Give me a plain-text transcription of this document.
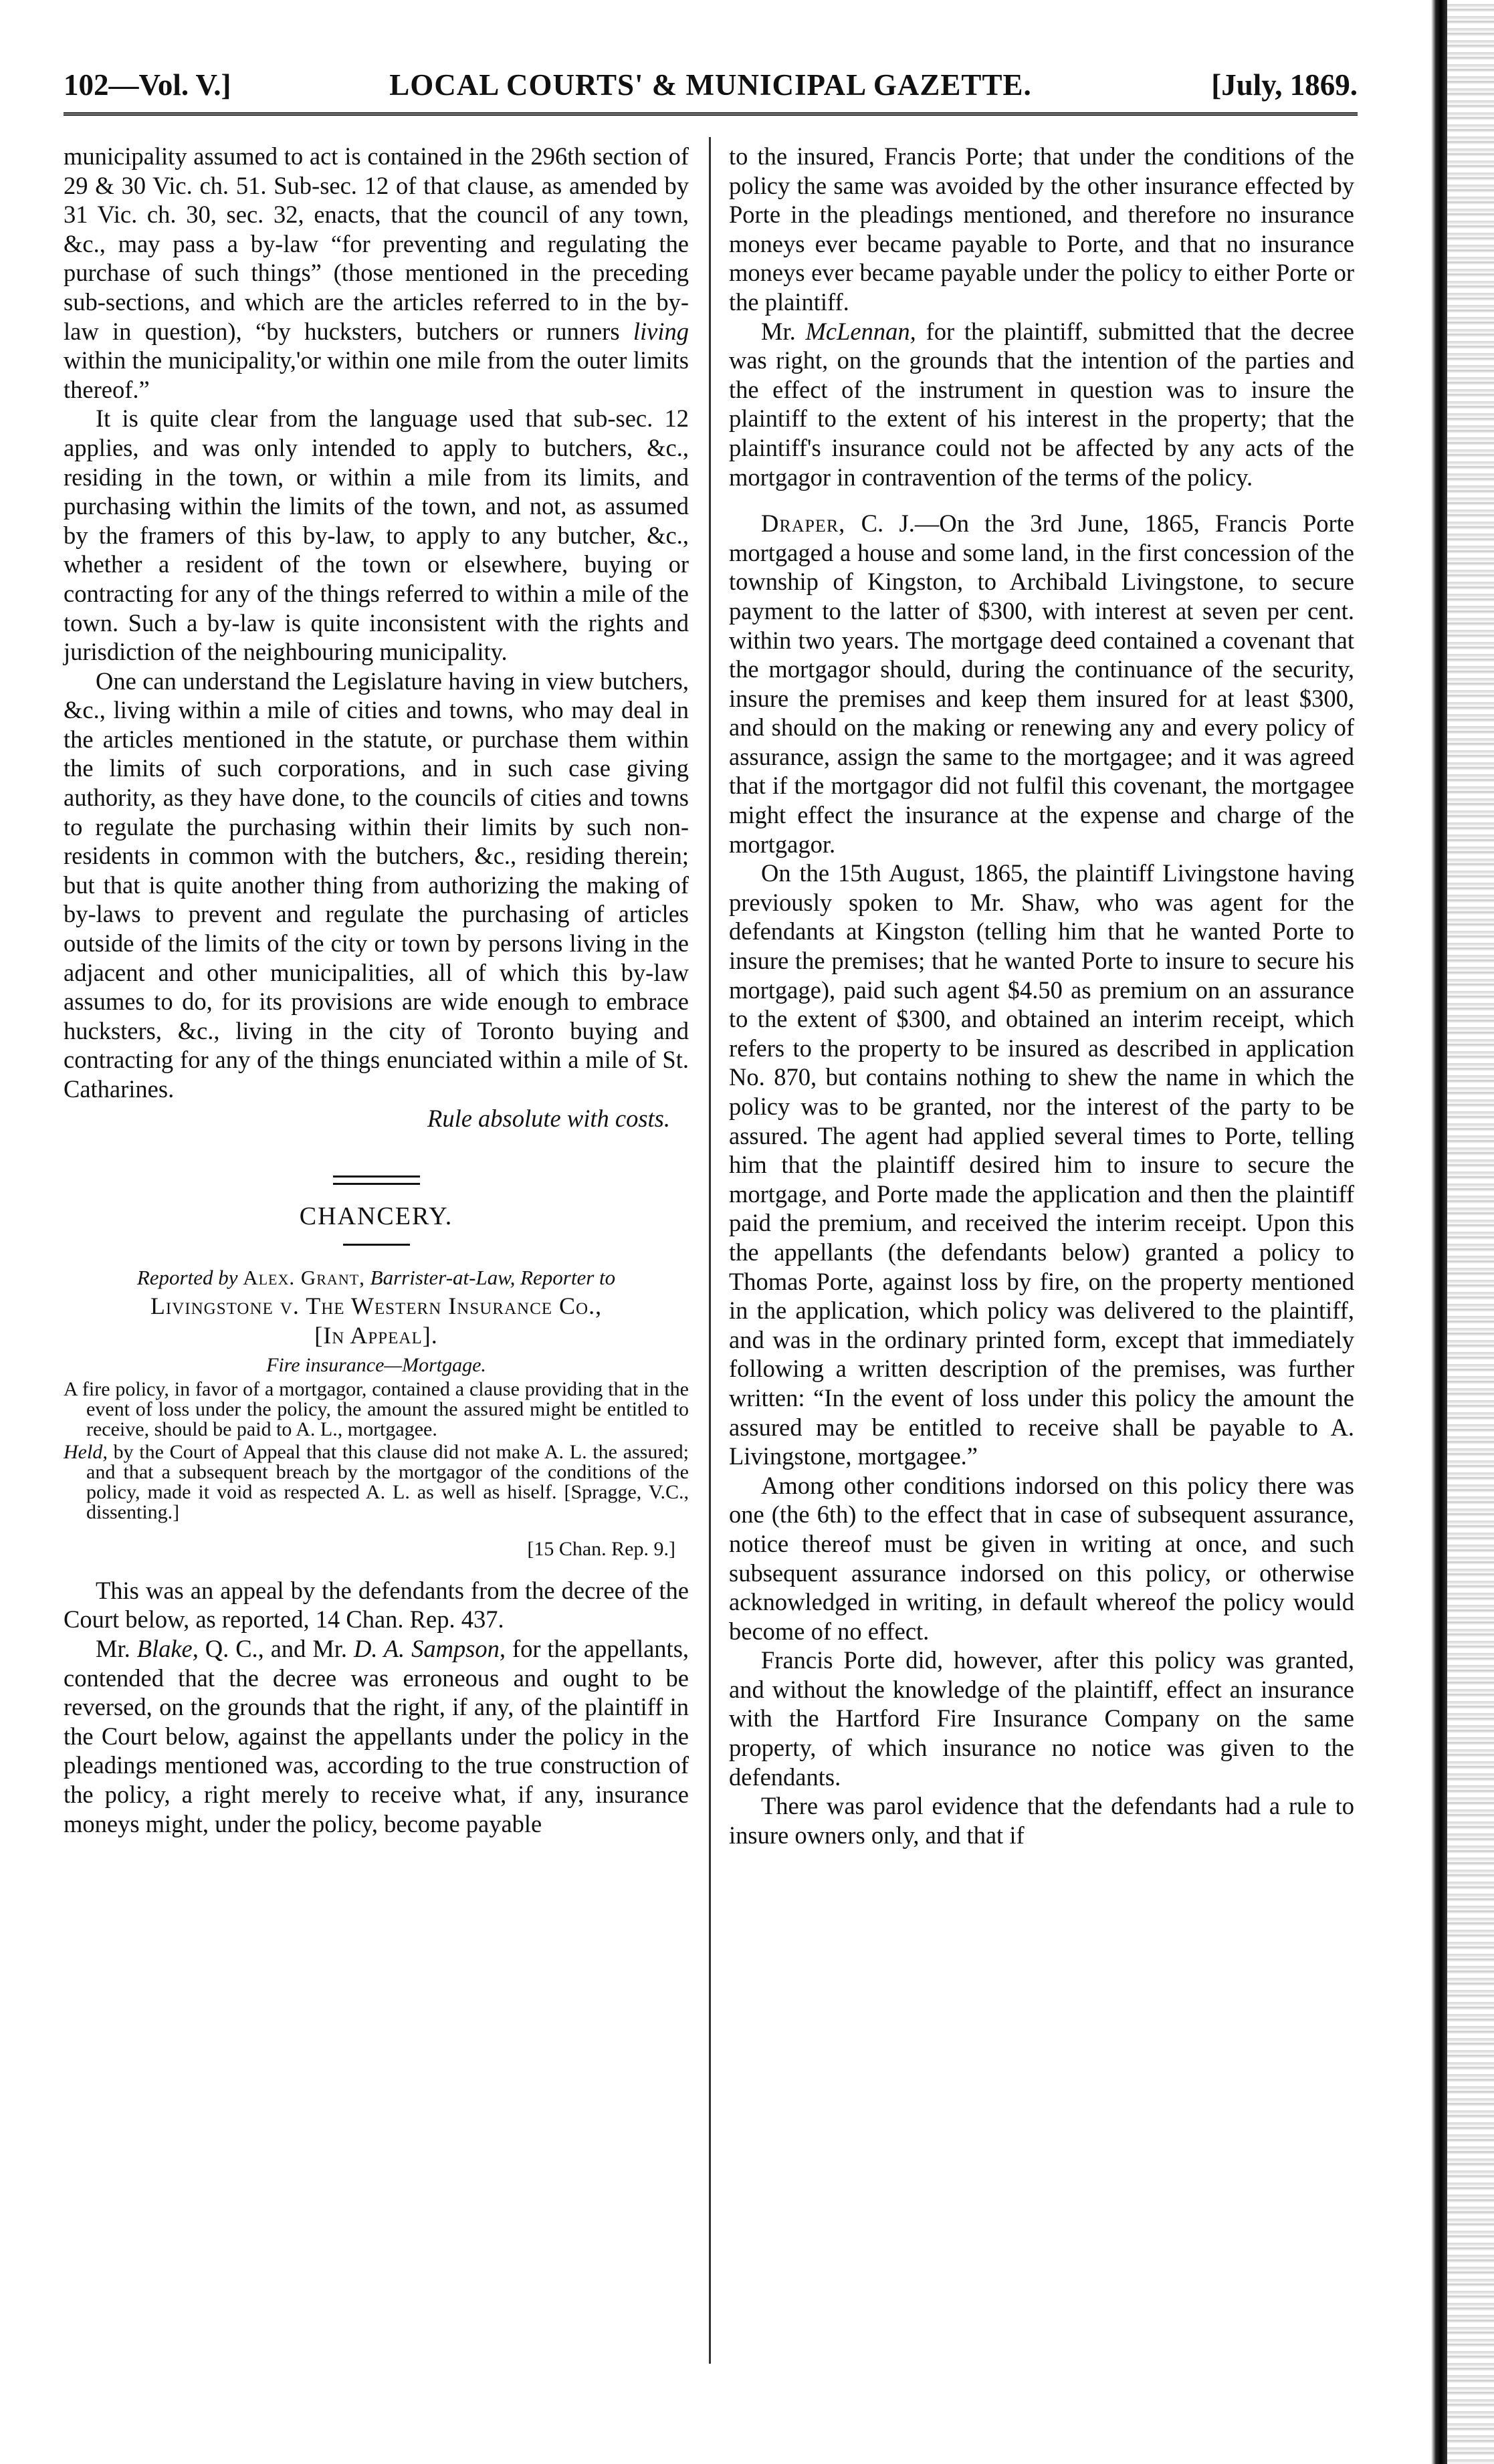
102—Vol. V.]	LOCAL COURTS' & MUNICIPAL GAZETTE.	[July, 1869.

municipality assumed to act is contained in the 296th section of 29 & 30 Vic. ch. 51. Sub-sec. 12 of that clause, as amended by 31 Vic. ch. 30, sec. 32, enacts, that the council of any town, &c., may pass a by-law “for preventing and regulating the purchase of such things” (those mentioned in the preceding sub-sections, and which are the articles referred to in the by-law in question), “by hucksters, butchers or runners living within the municipality,'or within one mile from the outer limits thereof.”

It is quite clear from the language used that sub-sec. 12 applies, and was only intended to apply to butchers, &c., residing in the town, or within a mile from its limits, and purchasing within the limits of the town, and not, as assumed by the framers of this by-law, to apply to any butcher, &c., whether a resident of the town or elsewhere, buying or contracting for any of the things referred to within a mile of the town. Such a by-law is quite inconsistent with the rights and jurisdiction of the neighbouring municipality.

One can understand the Legislature having in view butchers, &c., living within a mile of cities and towns, who may deal in the articles mentioned in the statute, or purchase them within the limits of such corporations, and in such case giving authority, as they have done, to the councils of cities and towns to regulate the purchasing within their limits by such non-residents in common with the butchers, &c., residing therein; but that is quite another thing from authorizing the making of by-laws to prevent and regulate the purchasing of articles outside of the limits of the city or town by persons living in the adjacent and other municipalities, all of which this by-law assumes to do, for its provisions are wide enough to embrace hucksters, &c., living in the city of Toronto buying and contracting for any of the things enunciated within a mile of St. Catharines.

Rule absolute with costs.

CHANCERY.

Reported by Alex. Grant, Barrister-at-Law, Reporter to

Livingstone v. The Western Insurance Co.,

[In Appeal].

Fire insurance—Mortgage.

A fire policy, in favor of a mortgagor, contained a clause providing that in the event of loss under the policy, the amount the assured might be entitled to receive, should be paid to A. L., mortgagee.

Held, by the Court of Appeal that this clause did not make A. L. the assured; and that a subsequent breach by the mortgagor of the conditions of the policy, made it void as respected A. L. as well as hiself. [Spragge, V.C., dissenting.]

[15 Chan. Rep. 9.]

This was an appeal by the defendants from the decree of the Court below, as reported, 14 Chan. Rep. 437.

Mr. Blake, Q. C., and Mr. D. A. Sampson, for the appellants, contended that the decree was erroneous and ought to be reversed, on the grounds that the right, if any, of the plaintiff in the Court below, against the appellants under the policy in the pleadings mentioned was, according to the true construction of the policy, a right merely to receive what, if any, insurance moneys might, under the policy, become payable

to the insured, Francis Porte; that under the conditions of the policy the same was avoided by the other insurance effected by Porte in the pleadings mentioned, and therefore no insurance moneys ever became payable to Porte, and that no insurance moneys ever became payable under the policy to either Porte or the plaintiff.

Mr. McLennan, for the plaintiff, submitted that the decree was right, on the grounds that the intention of the parties and the effect of the instrument in question was to insure the plaintiff to the extent of his interest in the property; that the plaintiff's insurance could not be affected by any acts of the mortgagor in contravention of the terms of the policy.

Draper, C. J.—On the 3rd June, 1865, Francis Porte mortgaged a house and some land, in the first concession of the township of Kingston, to Archibald Livingstone, to secure payment to the latter of $300, with interest at seven per cent. within two years. The mortgage deed contained a covenant that the mortgagor should, during the continuance of the security, insure the premises and keep them insured for at least $300, and should on the making or renewing any and every policy of assurance, assign the same to the mortgagee; and it was agreed that if the mortgagor did not fulfil this covenant, the mortgagee might effect the insurance at the expense and charge of the mortgagor.

On the 15th August, 1865, the plaintiff Livingstone having previously spoken to Mr. Shaw, who was agent for the defendants at Kingston (telling him that he wanted Porte to insure the premises; that he wanted Porte to insure to secure his mortgage), paid such agent $4.50 as premium on an assurance to the extent of $300, and obtained an interim receipt, which refers to the property to be insured as described in application No. 870, but contains nothing to shew the name in which the policy was to be granted, nor the interest of the party to be assured. The agent had applied several times to Porte, telling him that the plaintiff desired him to insure to secure the mortgage, and Porte made the application and then the plaintiff paid the premium, and received the interim receipt. Upon this the appellants (the defendants below) granted a policy to Thomas Porte, against loss by fire, on the property mentioned in the application, which policy was delivered to the plaintiff, and was in the ordinary printed form, except that immediately following a written description of the premises, was further written: “In the event of loss under this policy the amount the assured may be entitled to receive shall be payable to A. Livingstone, mortgagee.”

Among other conditions indorsed on this policy there was one (the 6th) to the effect that in case of subsequent assurance, notice thereof must be given in writing at once, and such subsequent assurance indorsed on this policy, or otherwise acknowledged in writing, in default whereof the policy would become of no effect.

Francis Porte did, however, after this policy was granted, and without the knowledge of the plaintiff, effect an insurance with the Hartford Fire Insurance Company on the same property, of which insurance no notice was given to the defendants.

There was parol evidence that the defendants had a rule to insure owners only, and that if
